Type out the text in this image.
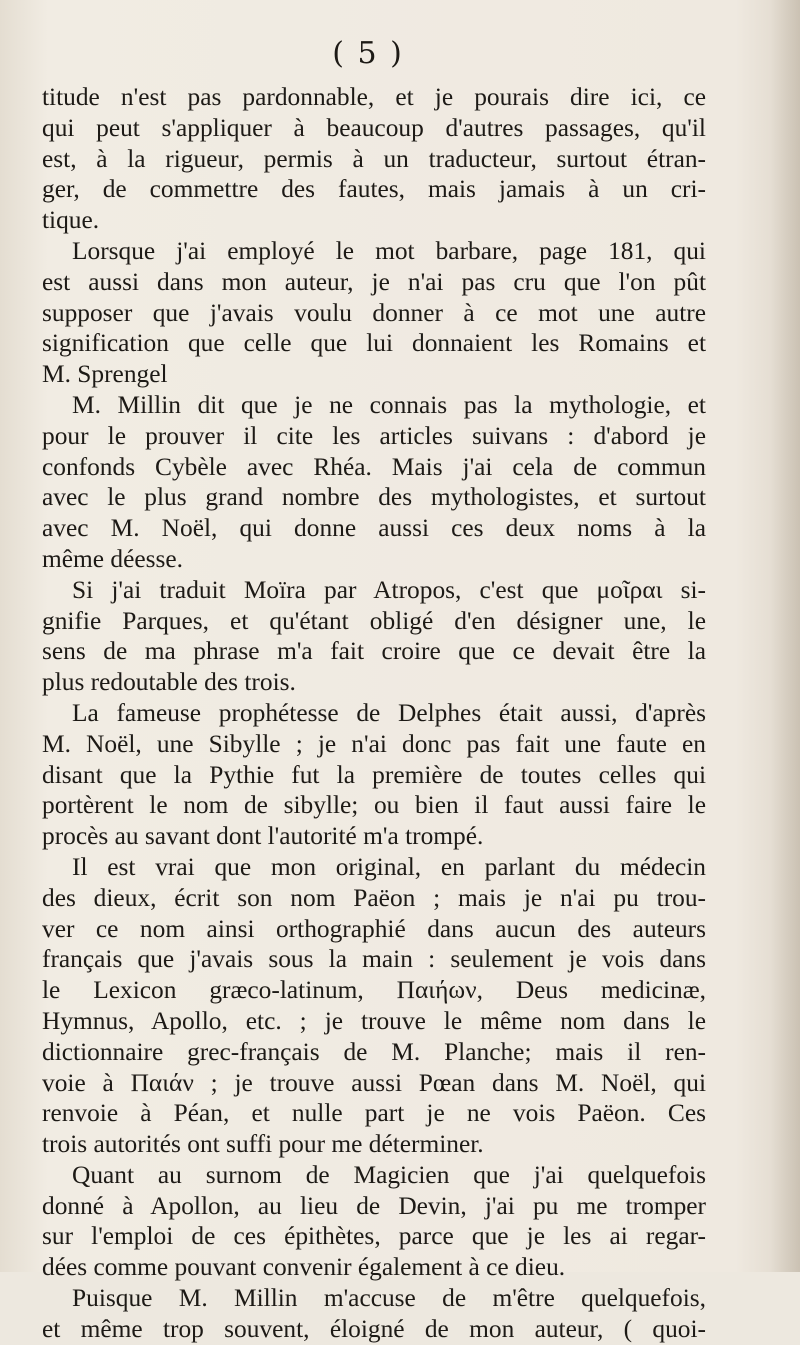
( 5 )
titude n'est pas pardonnable, et je pourais dire ici, ce
qui peut s'appliquer à beaucoup d'autres passages, qu'il
est, à la rigueur, permis à un traducteur, surtout étran-
ger, de commettre des fautes, mais jamais à un cri-
tique.
Lorsque j'ai employé le mot barbare, page 181, qui
est aussi dans mon auteur, je n'ai pas cru que l'on pût
supposer que j'avais voulu donner à ce mot une autre
signification que celle que lui donnaient les Romains et
M. Sprengel
M. Millin dit que je ne connais pas la mythologie, et
pour le prouver il cite les articles suivans : d'abord je
confonds Cybèle avec Rhéa. Mais j'ai cela de commun
avec le plus grand nombre des mythologistes, et surtout
avec M. Noël, qui donne aussi ces deux noms à la
même déesse.
Si j'ai traduit Moïra par Atropos, c'est que μοῖραι si-
gnifie Parques, et qu'étant obligé d'en désigner une, le
sens de ma phrase m'a fait croire que ce devait être la
plus redoutable des trois.
La fameuse prophétesse de Delphes était aussi, d'après
M. Noël, une Sibylle ; je n'ai donc pas fait une faute en
disant que la Pythie fut la première de toutes celles qui
portèrent le nom de sibylle; ou bien il faut aussi faire le
procès au savant dont l'autorité m'a trompé.
Il est vrai que mon original, en parlant du médecin
des dieux, écrit son nom Paëon ; mais je n'ai pu trou-
ver ce nom ainsi orthographié dans aucun des auteurs
français que j'avais sous la main : seulement je vois dans
le Lexicon græco-latinum, Παιήων, Deus medicinæ,
Hymnus, Apollo, etc. ; je trouve le même nom dans le
dictionnaire grec-français de M. Planche; mais il ren-
voie à Παιάν ; je trouve aussi Pœan dans M. Noël, qui
renvoie à Péan, et nulle part je ne vois Paëon. Ces
trois autorités ont suffi pour me déterminer.
Quant au surnom de Magicien que j'ai quelquefois
donné à Apollon, au lieu de Devin, j'ai pu me tromper
sur l'emploi de ces épithètes, parce que je les ai regar-
dées comme pouvant convenir également à ce dieu.
Puisque M. Millin m'accuse de m'être quelquefois,
et même trop souvent, éloigné de mon auteur, ( quoi-
